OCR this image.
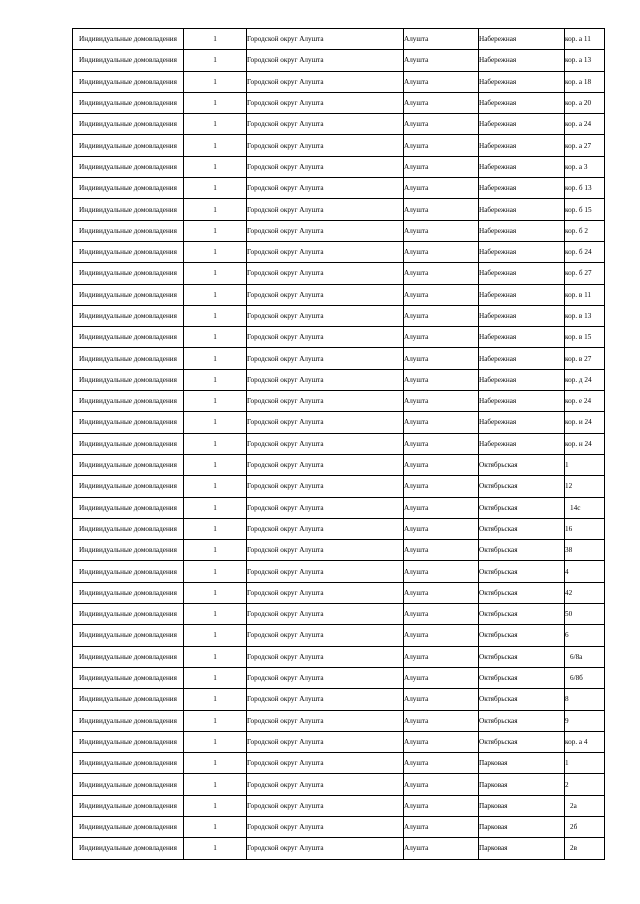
Индивидуальные домовладения	1	Городской округ Алушта	Алушта	Набережная	кор. а 11
Индивидуальные домовладения	1	Городской округ Алушта	Алушта	Набережная	кор. а 13
Индивидуальные домовладения	1	Городской округ Алушта	Алушта	Набережная	кор. а 18
Индивидуальные домовладения	1	Городской округ Алушта	Алушта	Набережная	кор. а 20
Индивидуальные домовладения	1	Городской округ Алушта	Алушта	Набережная	кор. а 24
Индивидуальные домовладения	1	Городской округ Алушта	Алушта	Набережная	кор. а 27
Индивидуальные домовладения	1	Городской округ Алушта	Алушта	Набережная	кор. а 3
Индивидуальные домовладения	1	Городской округ Алушта	Алушта	Набережная	кор. б 13
Индивидуальные домовладения	1	Городской округ Алушта	Алушта	Набережная	кор. б 15
Индивидуальные домовладения	1	Городской округ Алушта	Алушта	Набережная	кор. б 2
Индивидуальные домовладения	1	Городской округ Алушта	Алушта	Набережная	кор. б 24
Индивидуальные домовладения	1	Городской округ Алушта	Алушта	Набережная	кор. б 27
Индивидуальные домовладения	1	Городской округ Алушта	Алушта	Набережная	кор. в 11
Индивидуальные домовладения	1	Городской округ Алушта	Алушта	Набережная	кор. в 13
Индивидуальные домовладения	1	Городской округ Алушта	Алушта	Набережная	кор. в 15
Индивидуальные домовладения	1	Городской округ Алушта	Алушта	Набережная	кор. в 27
Индивидуальные домовладения	1	Городской округ Алушта	Алушта	Набережная	кор. д 24
Индивидуальные домовладения	1	Городской округ Алушта	Алушта	Набережная	кор. е 24
Индивидуальные домовладения	1	Городской округ Алушта	Алушта	Набережная	кор. и 24
Индивидуальные домовладения	1	Городской округ Алушта	Алушта	Набережная	кор. н 24
Индивидуальные домовладения	1	Городской округ Алушта	Алушта	Октябрьская	1
Индивидуальные домовладения	1	Городской округ Алушта	Алушта	Октябрьская	12
Индивидуальные домовладения	1	Городской округ Алушта	Алушта	Октябрьская	14с
Индивидуальные домовладения	1	Городской округ Алушта	Алушта	Октябрьская	16
Индивидуальные домовладения	1	Городской округ Алушта	Алушта	Октябрьская	38
Индивидуальные домовладения	1	Городской округ Алушта	Алушта	Октябрьская	4
Индивидуальные домовладения	1	Городской округ Алушта	Алушта	Октябрьская	42
Индивидуальные домовладения	1	Городской округ Алушта	Алушта	Октябрьская	50
Индивидуальные домовладения	1	Городской округ Алушта	Алушта	Октябрьская	6
Индивидуальные домовладения	1	Городской округ Алушта	Алушта	Октябрьская	6/8а
Индивидуальные домовладения	1	Городской округ Алушта	Алушта	Октябрьская	6/8б
Индивидуальные домовладения	1	Городской округ Алушта	Алушта	Октябрьская	8
Индивидуальные домовладения	1	Городской округ Алушта	Алушта	Октябрьская	9
Индивидуальные домовладения	1	Городской округ Алушта	Алушта	Октябрьская	кор. а 4
Индивидуальные домовладения	1	Городской округ Алушта	Алушта	Парковая	1
Индивидуальные домовладения	1	Городской округ Алушта	Алушта	Парковая	2
Индивидуальные домовладения	1	Городской округ Алушта	Алушта	Парковая	2а
Индивидуальные домовладения	1	Городской округ Алушта	Алушта	Парковая	2б
Индивидуальные домовладения	1	Городской округ Алушта	Алушта	Парковая	2в
